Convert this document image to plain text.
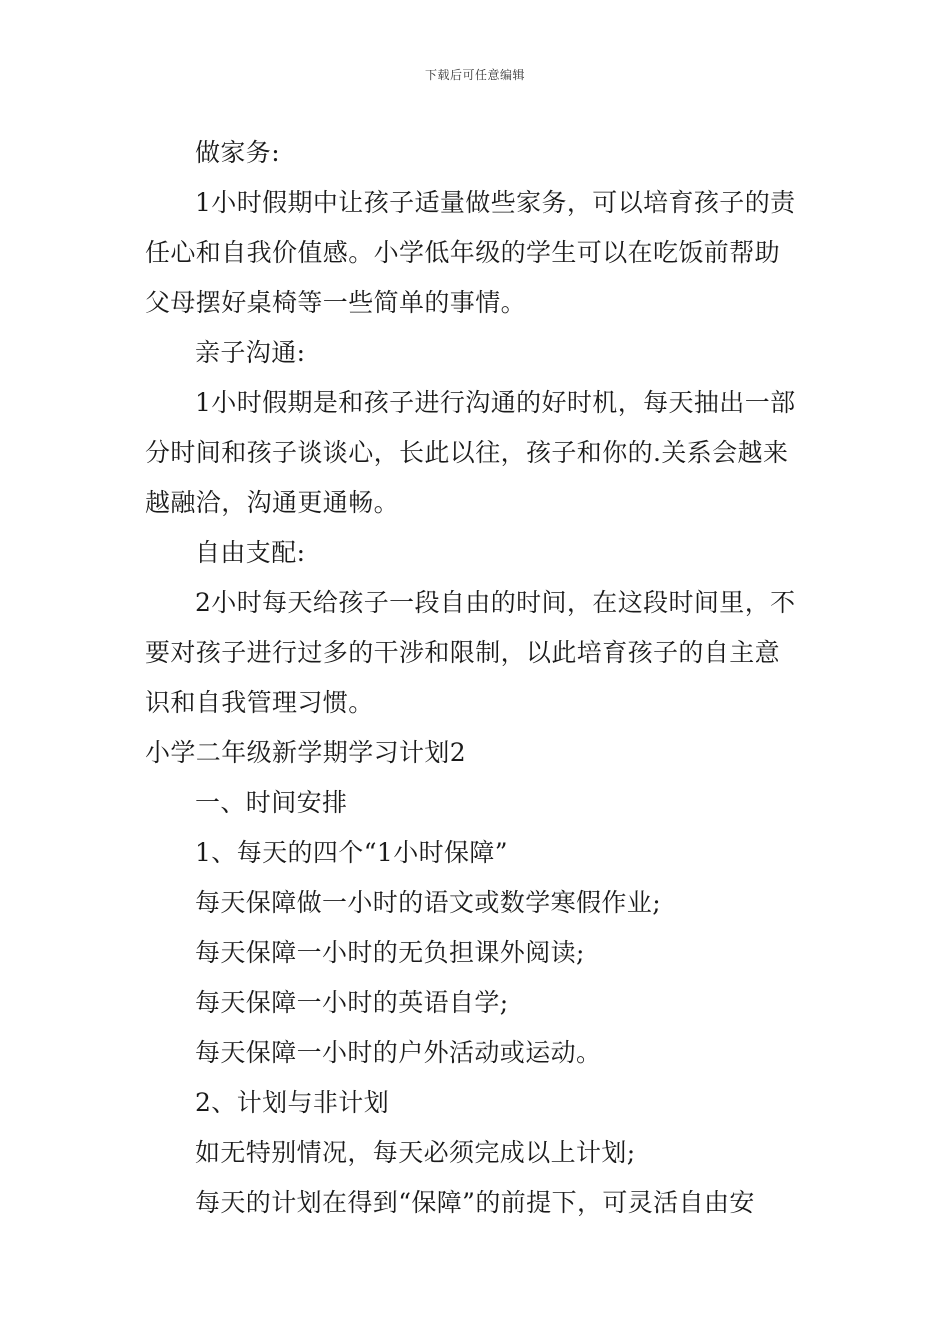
下载后可任意编辑
做家务:
1小时假期中让孩子适量做些家务，可以培育孩子的责
任心和自我价值感。小学低年级的学生可以在吃饭前帮助
父母摆好桌椅等一些简单的事情。
亲子沟通:
1小时假期是和孩子进行沟通的好时机，每天抽出一部
分时间和孩子谈谈心，长此以往，孩子和你的.关系会越来
越融洽，沟通更通畅。
自由支配:
2小时每天给孩子一段自由的时间，在这段时间里，不
要对孩子进行过多的干涉和限制，以此培育孩子的自主意
识和自我管理习惯。
小学二年级新学期学习计划2
一、时间安排
1、每天的四个“1小时保障”
每天保障做一小时的语文或数学寒假作业;
每天保障一小时的无负担课外阅读;
每天保障一小时的英语自学;
每天保障一小时的户外活动或运动。
2、计划与非计划
如无特别情况，每天必须完成以上计划;
每天的计划在得到“保障”的前提下，可灵活自由安
